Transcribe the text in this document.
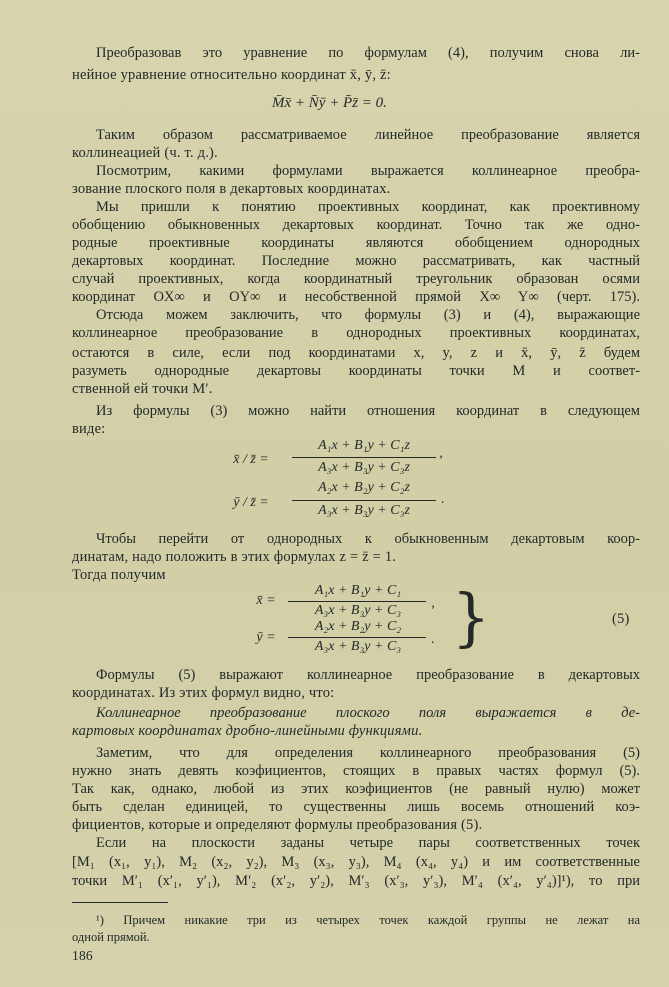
Преобразовав это уравнение по формулам (4), получим снова ли-
нейное уравнение относительно координат x̄, ȳ, z̄:
M̄x̄ + N̄ȳ + P̄z̄ = 0.
Таким образом рассматриваемое линейное преобразование является
коллинеацией (ч. т. д.).
Посмотрим, какими формулами выражается коллинеарное преобра-
зование плоского поля в декартовых координатах.
Мы пришли к понятию проективных координат, как проективному
обобщению обыкновенных декартовых координат. Точно так же одно-
родные проективные координаты являются обобщением однородных
декартовых координат. Последние можно рассматривать, как частный
случай проективных, когда координатный треугольник образован осями
координат OX∞ и OY∞ и несобственной прямой X∞ Y∞ (черт. 175).
Отсюда можем заключить, что формулы (3) и (4), выражающие
коллинеарное преобразование в однородных проективных координатах,
остаются в силе, если под координатами x, y, z и x̄, ȳ, z̄ будем
разуметь однородные декартовы координаты точки M и соответ-
ственной ей точки M′.
Из формулы (3) можно найти отношения координат в следующем
виде:
x̄ / z̄ =
A₁x + B₁y + C₁z
A₃x + B₃y + C₃z
,
ȳ / z̄ =
A₂x + B₂y + C₂z
A₃x + B₃y + C₃z
.
Чтобы перейти от однородных к обыкновенным декартовым коор-
динатам, надо положить в этих формулах z = z̄ = 1.
Тогда получим
x̄ =
A₁x + B₁y + C₁
A₃x + B₃y + C₃	,
ȳ =
A₂x + B₂y + C₂
A₃x + B₃y + C₃	. }	(5)
Формулы (5) выражают коллинеарное преобразование в декартовых
координатах. Из этих формул видно, что:
Коллинеарное преобразование плоского поля выражается в де-
картовых координатах дробно-линейными функциями.
Заметим, что для определения коллинеарного преобразования (5)
нужно знать девять коэфициентов, стоящих в правых частях формул (5).
Так как, однако, любой из этих коэфициентов (не равный нулю) может
быть сделан единицей, то существенны лишь восемь отношений коэ-
фициентов, которые и определяют формулы преобразования (5).
Если на плоскости заданы четыре пары соответственных точек
[M₁ (x₁, y₁), M₂ (x₂, y₂), M₃ (x₃, y₃), M₄ (x₄, y₄) и им соответственные
точки M′₁ (x′₁, y′₁), M′₂ (x′₂, y′₂), M′₃ (x′₃, y′₃), M′₄ (x′₄, y′₄)]¹), то при
¹) Причем никакие три из четырех точек каждой группы не лежат на
одной прямой.
186
